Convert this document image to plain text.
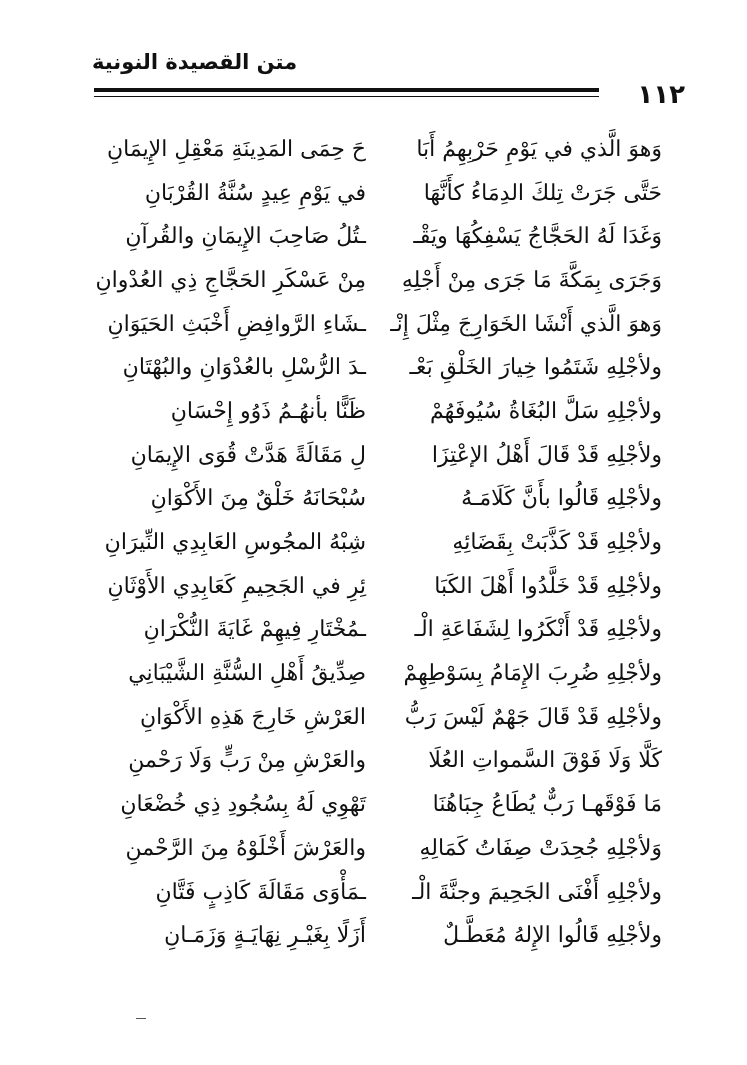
متن القصيدة النونية
١١٢
وَهوَ الَّذي في يَوْمِ حَرْبِهِمُ أَبَا
حَ حِمَى المَدِينَةِ مَعْقِلِ الإِيمَانِ
حَتَّى جَرَتْ تِلكَ الدِمَاءُ كأَنَّهَا
في يَوْمِ عِيدٍ سُنَّةُ القُرْبَانِ
وَغَدَا لَهُ الحَجَّاجُ يَسْفِكُهَا ويَقْـ
ـتُلُ صَاحِبَ الإِيمَانِ والقُرآنِ
وَجَرَى بِمَكَّةَ مَا جَرَى مِنْ أَجْلِهِ
مِنْ عَسْكَرِ الحَجَّاجِ ذِي العُدْوانِ
وَهوَ الَّذي أَنْشَا الخَوَارِجَ مِثْلَ إِنْـ
ـشَاءِ الرَّوافِضِ أَخْبَثِ الحَيَوَانِ
ولأجْلِهِ شَتَمُوا خِيارَ الخَلْقِ بَعْـ
ـدَ الرُّسْلِ بالعُدْوَانِ والبُهْتَانِ
ولأجْلِهِ سَلَّ البُغَاةُ سُيُوفَهُمْ
ظَنًّا بأنهُـمُ ذَوُو إِحْسَانِ
ولأجْلِهِ قَدْ قَالَ أَهْلُ الإعْتِزَا
لِ مَقَالَةً هَدَّتْ قُوَى الإِيمَانِ
ولأجْلِهِ قَالُوا بأَنَّ كَلَامَـهُ
سُبْحَانَهُ خَلْقٌ مِنَ الأَكْوَانِ
ولأجْلِهِ قَدْ كَذَّبَتْ بِقَضَائِهِ
شِبْهُ المجُوسِ العَابِدِي النِّيرَانِ
ولأجْلِهِ قَدْ خَلَّدُوا أَهْلَ الكَبَا
ئِرِ في الجَحِيمِ كَعَابِدِي الأَوْثَانِ
ولأجْلِهِ قَدْ أَنْكَرُوا لِشَفَاعَةِ الْـ
ـمُخْتَارِ فِيهِمْ غَايَةَ النُّكْرَانِ
ولأجْلِهِ ضُرِبَ الإِمَامُ بِسَوْطِهِمْ
صِدِّيقُ أَهْلِ السُّنَّةِ الشَّيْبَانِي
ولأجْلِهِ قَدْ قَالَ جَهْمٌ لَيْسَ رَبُّ
العَرْشِ خَارِجَ هَذِهِ الأَكْوَانِ
كَلَّا وَلَا فَوْقَ السَّمواتِ العُلَا
والعَرْشِ مِنْ رَبٍّ وَلَا رَحْمنِ
مَا فَوْقَهـا رَبٌّ يُطَاعُ جِبَاهُنَا
تَهْوِي لَهُ بِسُجُودِ ذِي خُضْعَانِ
وَلأجْلِهِ جُحِدَتْ صِفَاتُ كَمَالِهِ
والعَرْشَ أَخْلَوْهُ مِنَ الرَّحْمنِ
ولأجْلِهِ أَفْنَى الجَحِيمَ وجنَّةَ الْـ
ـمَأْوَى مَقَالَةَ كَاذِبٍ فَتَّانِ
ولأجْلِهِ قَالُوا الإِلهُ مُعَطَّـلٌ
أَزَلًا بِغَيْـرِ نِهَايَـةٍ وَزَمَـانِ
